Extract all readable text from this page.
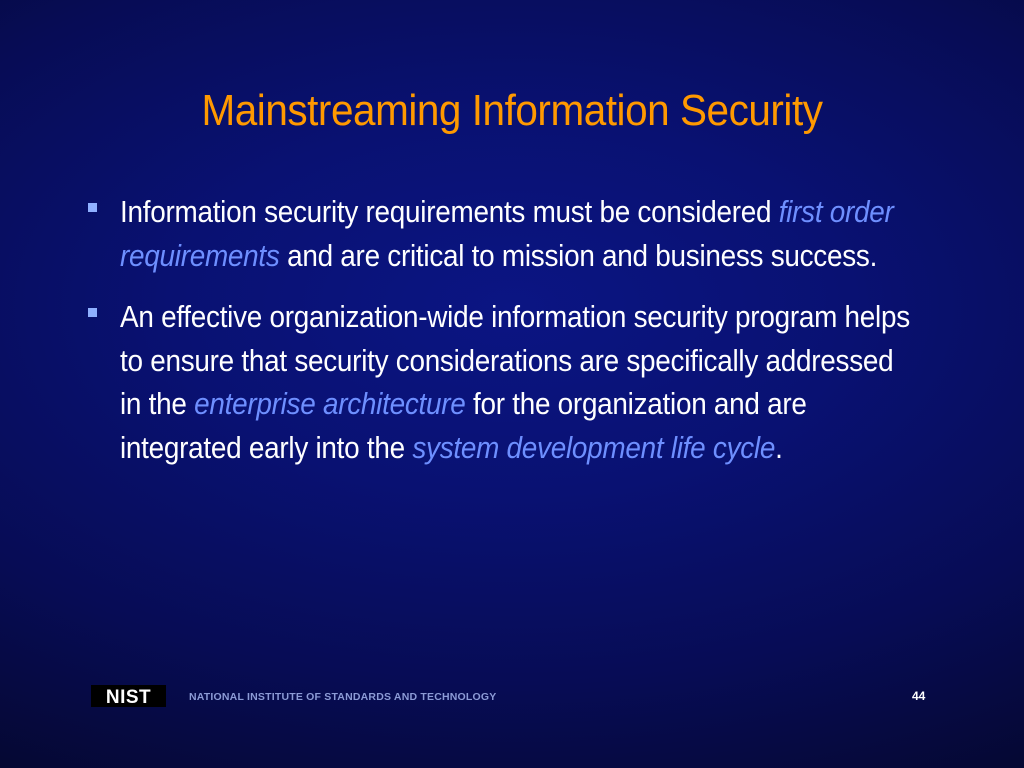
Mainstreaming Information Security
Information security requirements must be considered first order requirements and are critical to mission and business success.
An effective organization-wide information security program helps to ensure that security considerations are specifically addressed in the enterprise architecture for the organization and are integrated early into the system development life cycle.
NIST	NATIONAL INSTITUTE OF STANDARDS AND TECHNOLOGY	44
